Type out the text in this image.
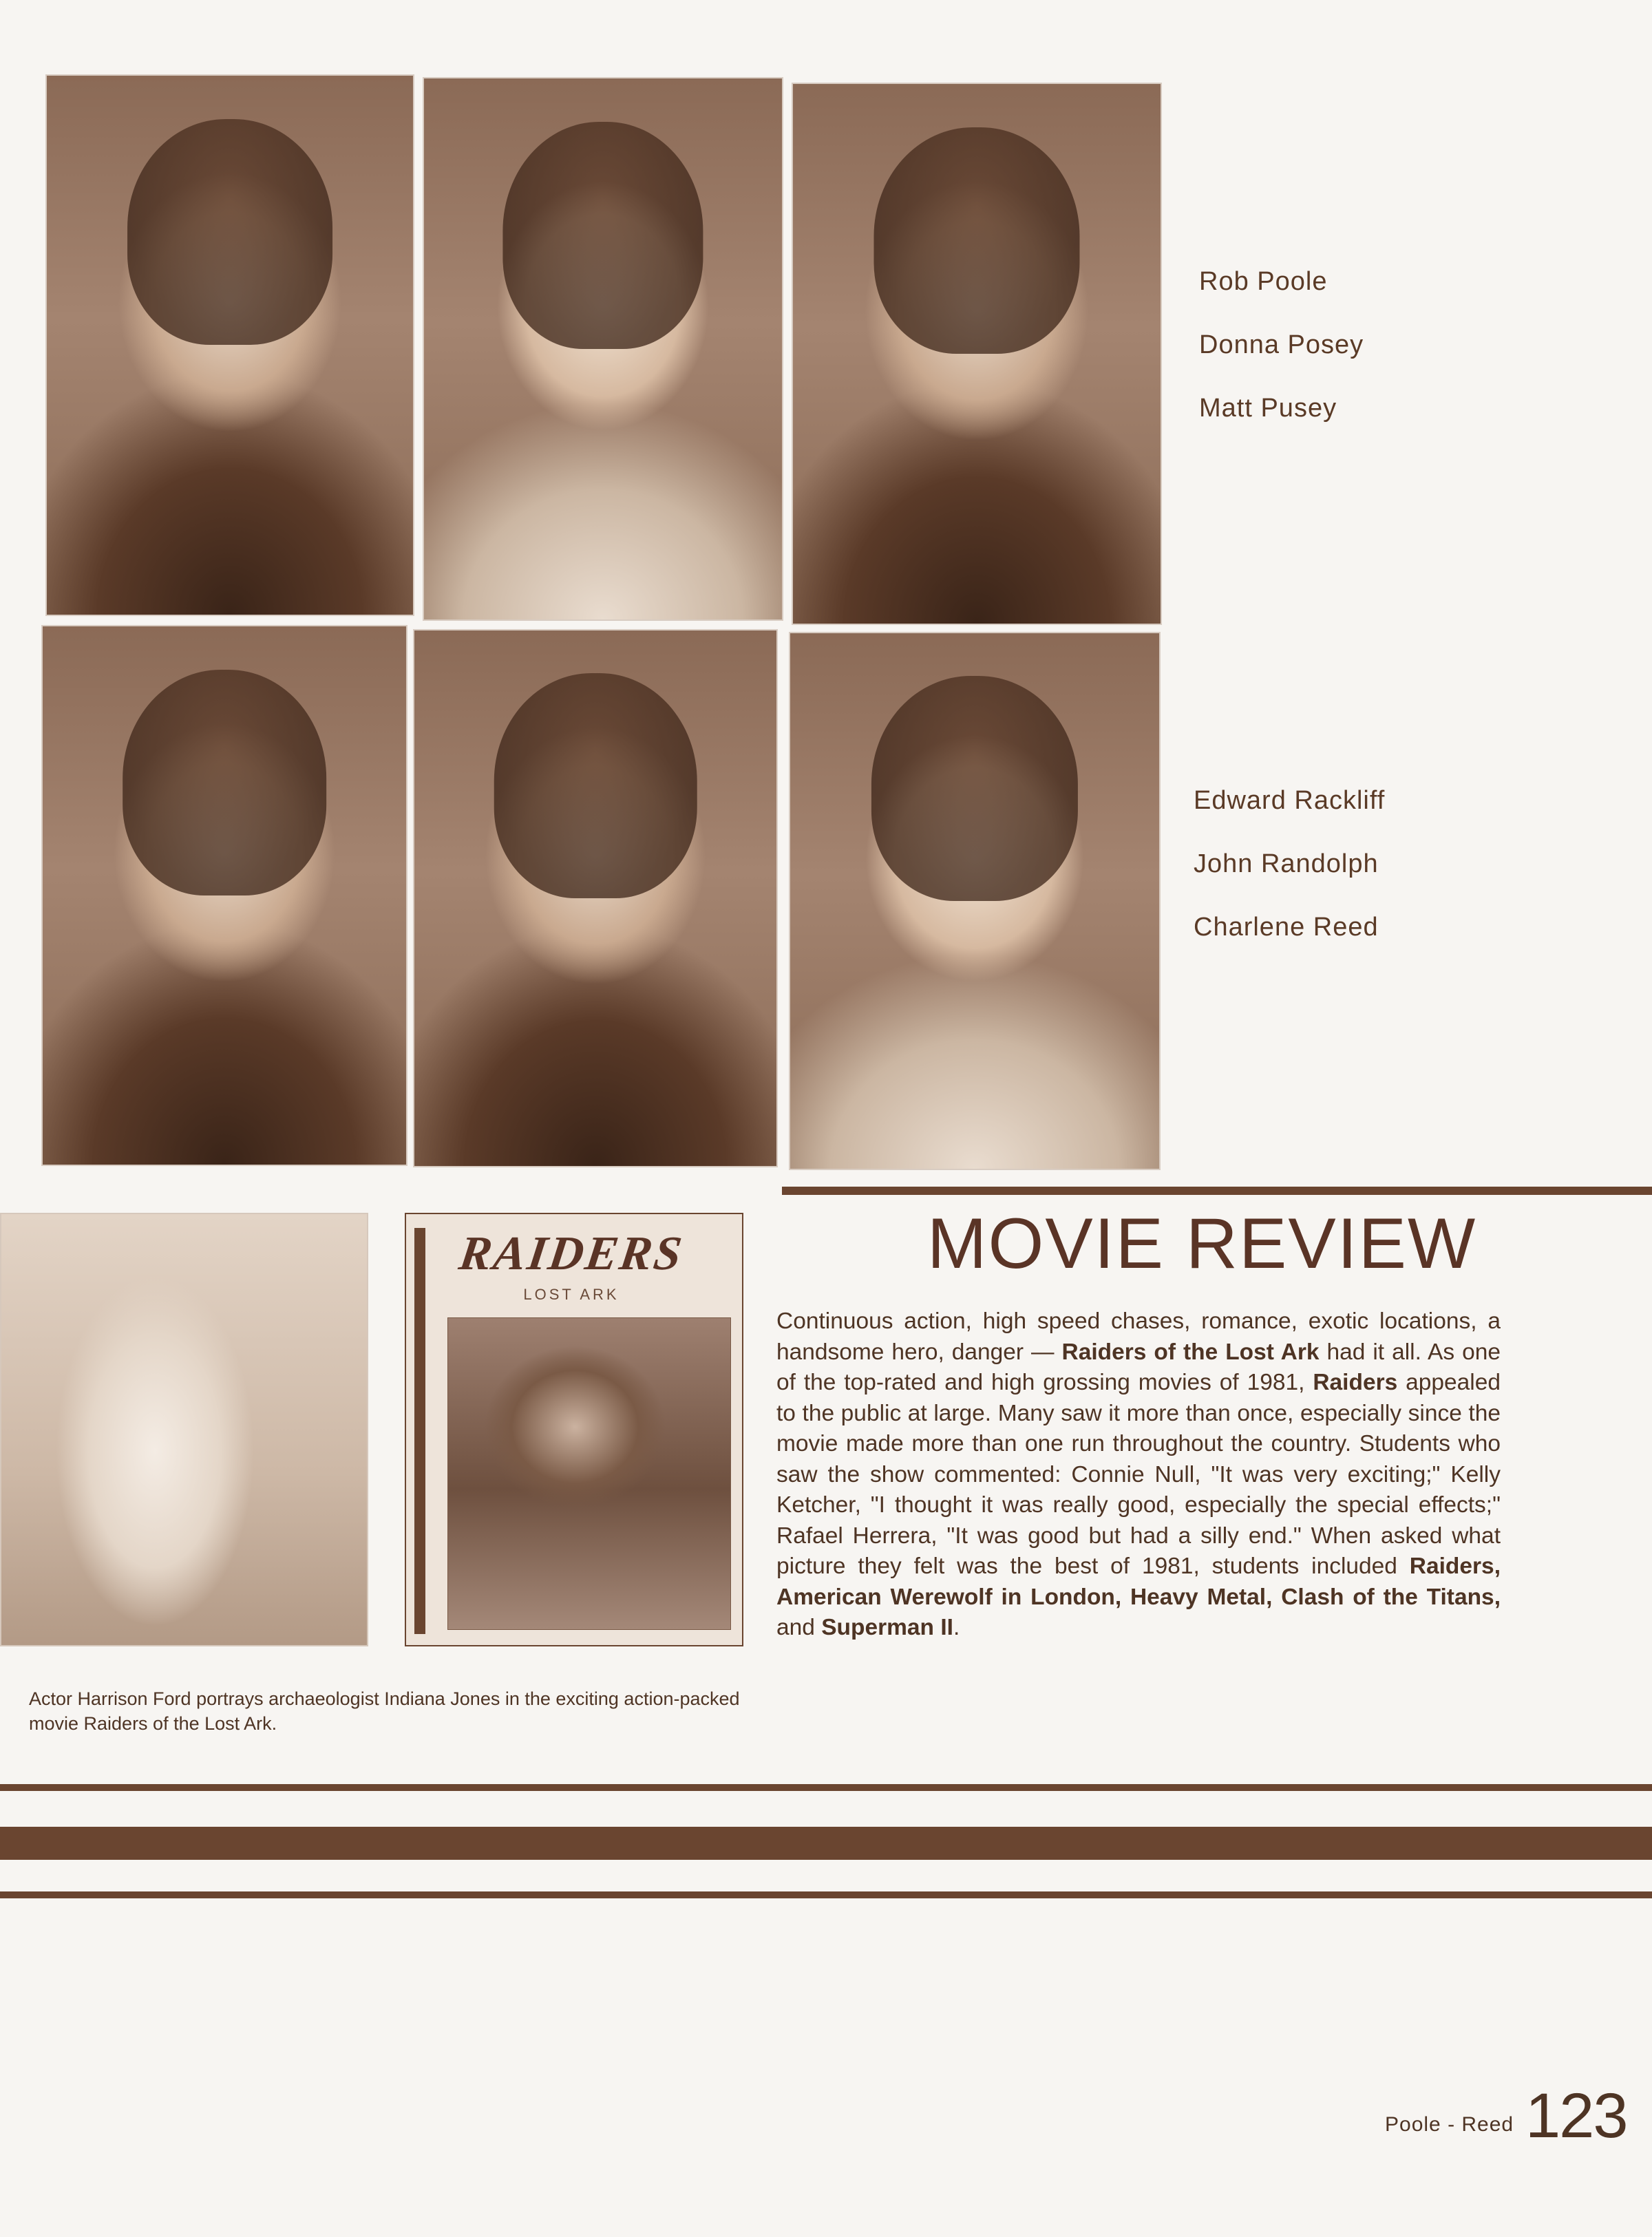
Rob Poole
Donna Posey
Matt Pusey
Edward Rackliff
John Randolph
Charlene Reed
RAIDERS
LOST ARK
MOVIE REVIEW
Continuous action, high speed chases, romance, exotic locations, a handsome hero, danger — Raiders of the Lost Ark had it all. As one of the top-rated and high grossing movies of 1981, Raiders appealed to the public at large. Many saw it more than once, especially since the movie made more than one run throughout the country. Students who saw the show commented: Connie Null, "It was very exciting;" Kelly Ketcher, "I thought it was really good, especially the special effects;" Rafael Herrera, "It was good but had a silly end." When asked what picture they felt was the best of 1981, students included Raiders, American Werewolf in London, Heavy Metal, Clash of the Titans, and Superman II.
Actor Harrison Ford portrays archaeologist Indiana Jones in the exciting action-packed movie Raiders of the Lost Ark.
Poole - Reed 123
